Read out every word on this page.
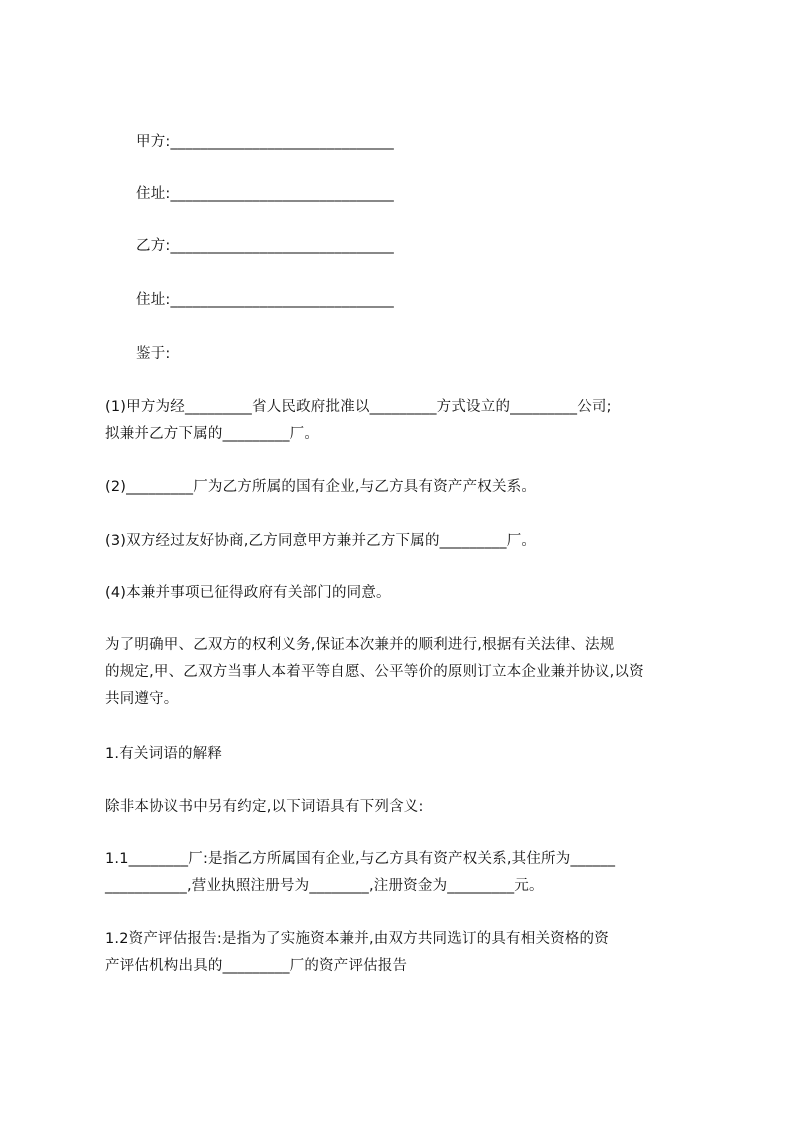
甲方:______________________________
住址:______________________________
乙方:______________________________
住址:______________________________
鉴于:
(1)甲方为经_________省人民政府批准以_________方式设立的_________公司;
拟兼并乙方下属的_________厂。
(2)_________厂为乙方所属的国有企业,与乙方具有资产产权关系。
(3)双方经过友好协商,乙方同意甲方兼并乙方下属的_________厂。
(4)本兼并事项已征得政府有关部门的同意。
为了明确甲、乙双方的权利义务,保证本次兼并的顺利进行,根据有关法律、法规
的规定,甲、乙双方当事人本着平等自愿、公平等价的原则订立本企业兼并协议,以资
共同遵守。
1.有关词语的解释
除非本协议书中另有约定,以下词语具有下列含义:
1.1________厂:是指乙方所属国有企业,与乙方具有资产权关系,其住所为______
___________,营业执照注册号为________,注册资金为_________元。
1.2资产评估报告:是指为了实施资本兼并,由双方共同选订的具有相关资格的资
产评估机构出具的_________厂的资产评估报告
